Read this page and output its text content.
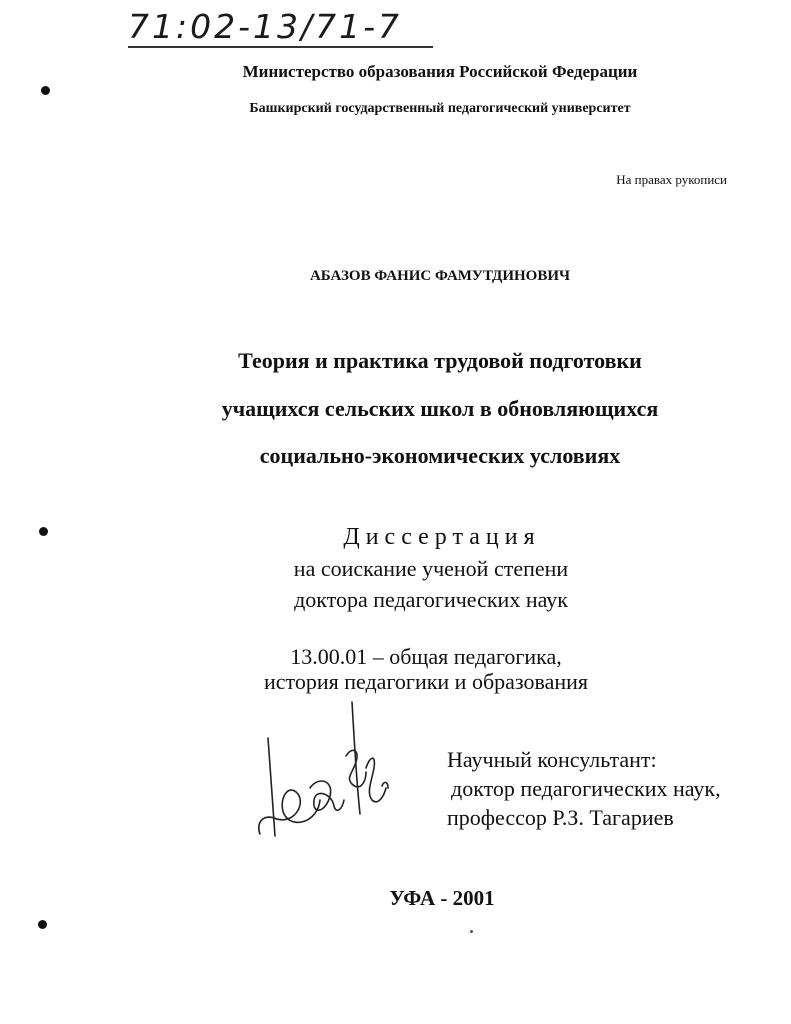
71:02-13/71-7
Министерство образования Российской Федерации
Башкирский государственный педагогический университет
На правах рукописи
АБАЗОВ ФАНИС ФАМУТДИНОВИЧ
Теория и практика трудовой подготовки
учащихся сельских школ в обновляющихся
социально-экономических условиях
Диссертация
на соискание ученой степени
доктора педагогических наук
13.00.01 – общая педагогика,
история педагогики и образования
Научный консультант:
доктор педагогических наук,
профессор Р.З. Тагариев
УФА - 2001
